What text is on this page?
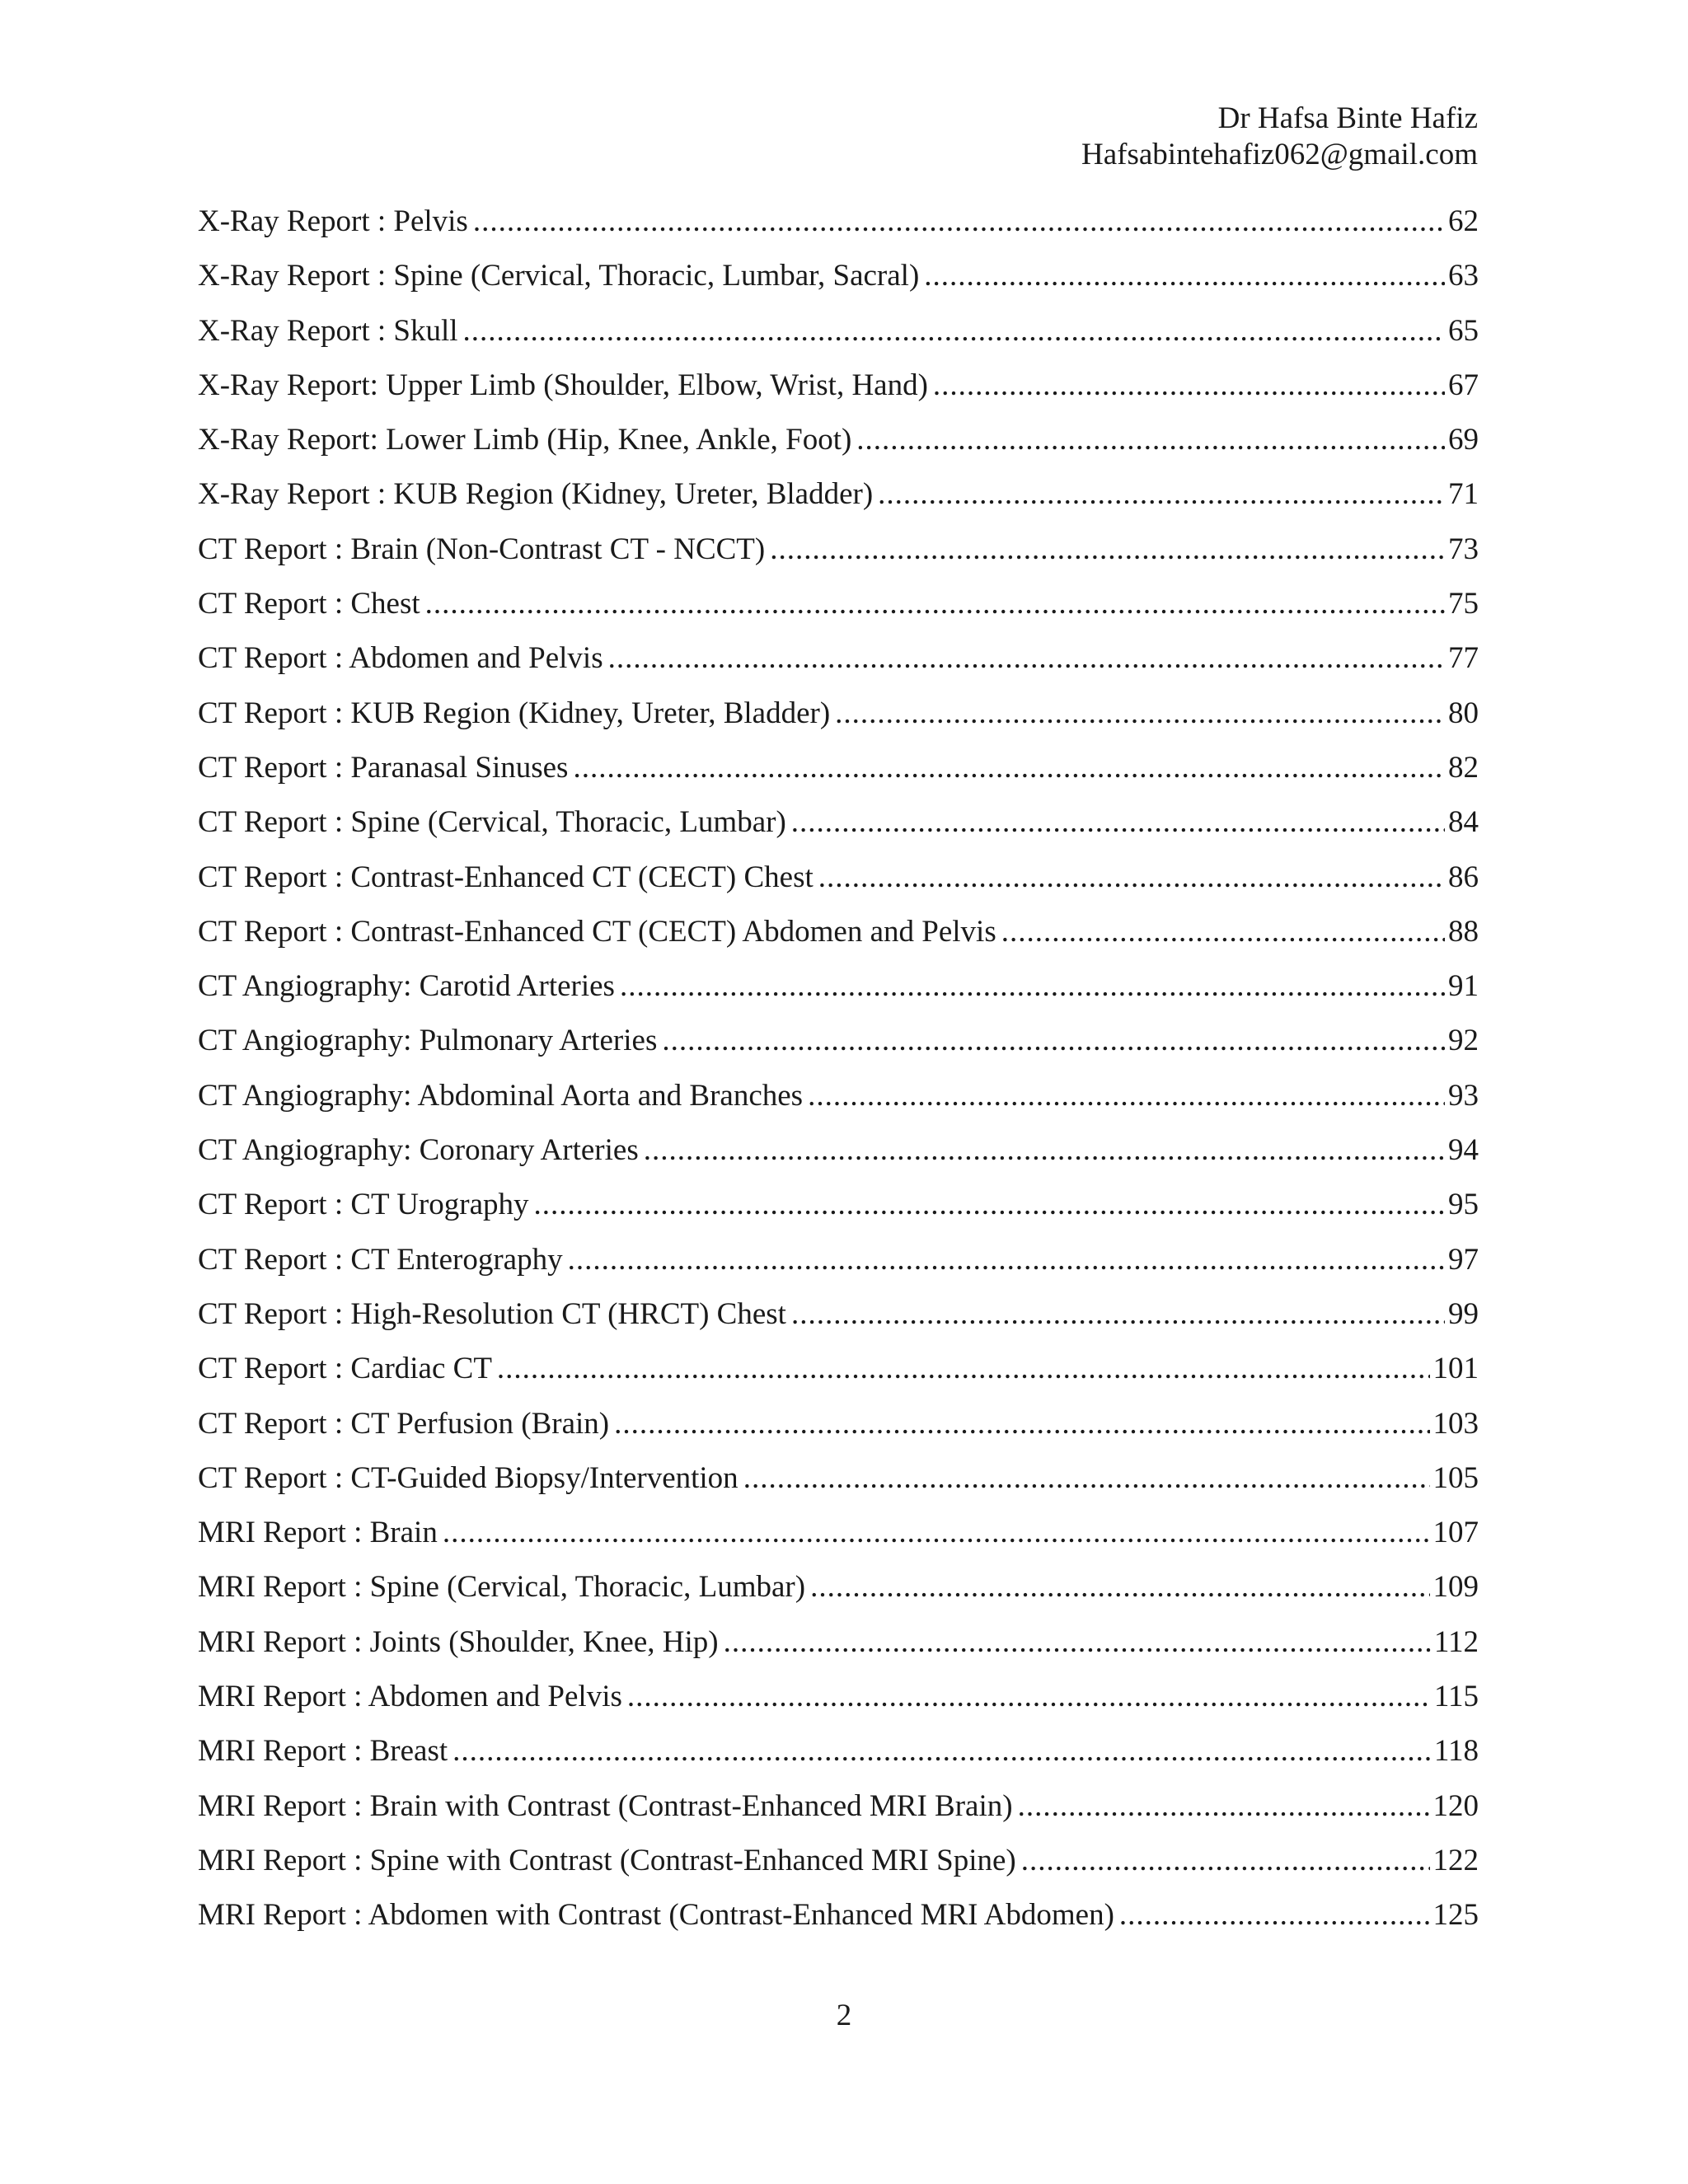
Dr Hafsa Binte Hafiz
Hafsabintehafiz062@gmail.com
X-Ray Report : Pelvis .....	62
X-Ray Report : Spine (Cervical, Thoracic, Lumbar, Sacral) .....	63
X-Ray Report : Skull .....	65
X-Ray Report: Upper Limb (Shoulder, Elbow, Wrist, Hand) .....	67
X-Ray Report: Lower Limb (Hip, Knee, Ankle, Foot) .....	69
X-Ray Report : KUB Region (Kidney, Ureter, Bladder) .....	71
CT Report : Brain (Non-Contrast CT - NCCT) .....	73
CT Report : Chest .....	75
CT Report : Abdomen and Pelvis .....	77
CT Report : KUB Region (Kidney, Ureter, Bladder) .....	80
CT Report : Paranasal Sinuses .....	82
CT Report : Spine (Cervical, Thoracic, Lumbar) .....	84
CT Report : Contrast-Enhanced CT (CECT) Chest .....	86
CT Report : Contrast-Enhanced CT (CECT) Abdomen and Pelvis .....	88
CT Angiography: Carotid Arteries .....	91
CT Angiography: Pulmonary Arteries .....	92
CT Angiography: Abdominal Aorta and Branches .....	93
CT Angiography: Coronary Arteries .....	94
CT Report : CT Urography .....	95
CT Report : CT Enterography .....	97
CT Report : High-Resolution CT (HRCT) Chest .....	99
CT Report : Cardiac CT .....	101
CT Report : CT Perfusion (Brain) .....	103
CT Report : CT-Guided Biopsy/Intervention .....	105
MRI Report : Brain .....	107
MRI Report : Spine (Cervical, Thoracic, Lumbar) .....	109
MRI Report : Joints (Shoulder, Knee, Hip) .....	112
MRI Report : Abdomen and Pelvis .....	115
MRI Report : Breast .....	118
MRI Report : Brain with Contrast (Contrast-Enhanced MRI Brain) .....	120
MRI Report : Spine with Contrast (Contrast-Enhanced MRI Spine) .....	122
MRI Report : Abdomen with Contrast (Contrast-Enhanced MRI Abdomen) .....	125
2
